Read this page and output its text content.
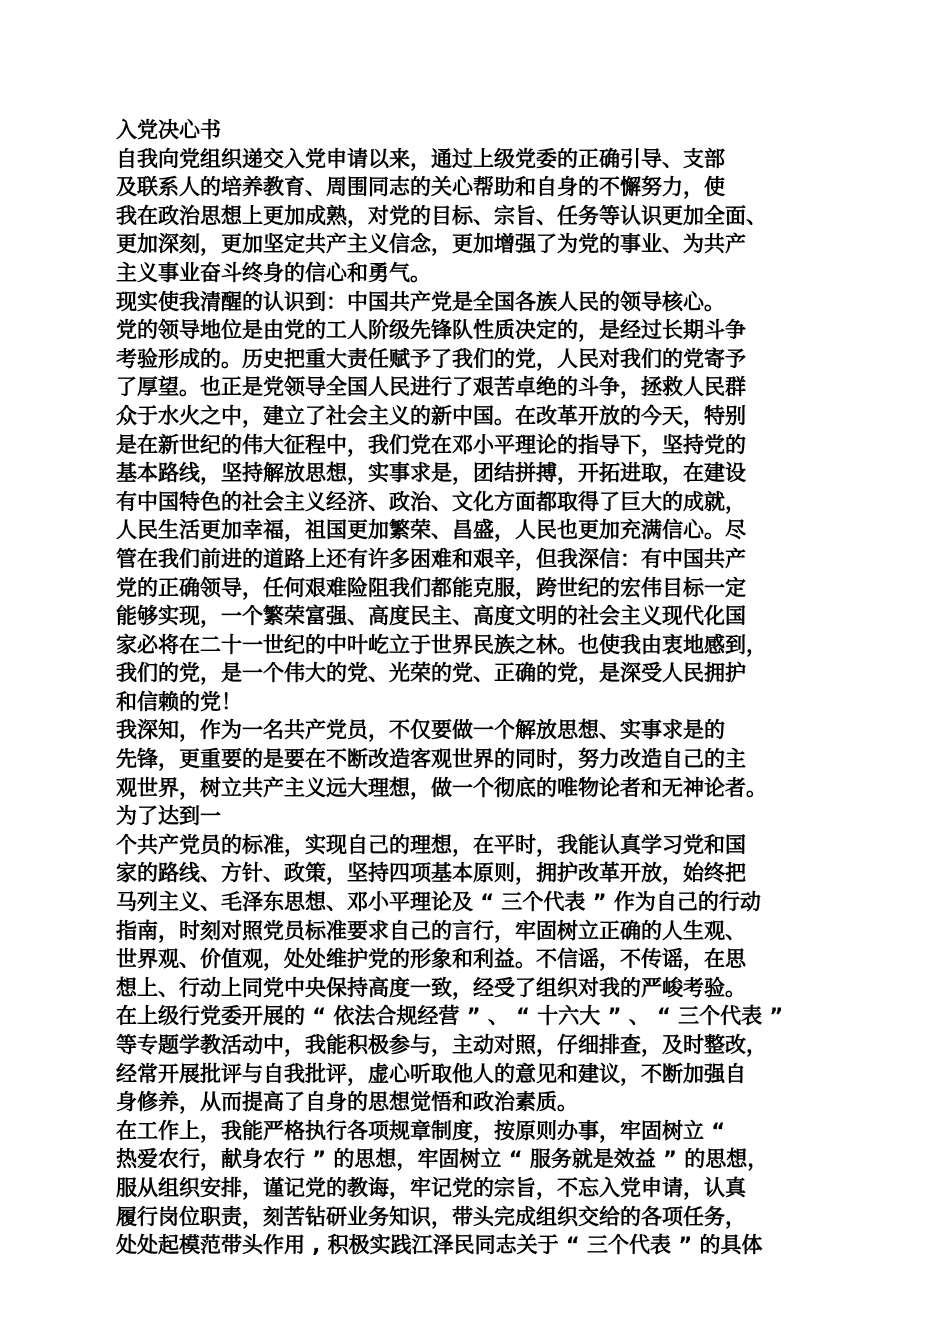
入党决心书
自我向党组织递交入党申请以来，通过上级党委的正确引导、支部
及联系人的培养教育、周围同志的关心帮助和自身的不懈努力，使
我在政治思想上更加成熟，对党的目标、宗旨、任务等认识更加全面、
更加深刻，更加坚定共产主义信念，更加增强了为党的事业、为共产
主义事业奋斗终身的信心和勇气。
现实使我清醒的认识到：中国共产党是全国各族人民的领导核心。
党的领导地位是由党的工人阶级先锋队性质决定的，是经过长期斗争
考验形成的。历史把重大责任赋予了我们的党，人民对我们的党寄予
了厚望。也正是党领导全国人民进行了艰苦卓绝的斗争，拯救人民群
众于水火之中，建立了社会主义的新中国。在改革开放的今天，特别
是在新世纪的伟大征程中，我们党在邓小平理论的指导下，坚持党的
基本路线，坚持解放思想，实事求是，团结拼搏，开拓进取，在建设
有中国特色的社会主义经济、政治、文化方面都取得了巨大的成就，
人民生活更加幸福，祖国更加繁荣、昌盛，人民也更加充满信心。尽
管在我们前进的道路上还有许多困难和艰辛，但我深信：有中国共产
党的正确领导，任何艰难险阻我们都能克服，跨世纪的宏伟目标一定
能够实现，一个繁荣富强、高度民主、高度文明的社会主义现代化国
家必将在二十一世纪的中叶屹立于世界民族之林。也使我由衷地感到，
我们的党，是一个伟大的党、光荣的党、正确的党，是深受人民拥护
和信赖的党！
我深知，作为一名共产党员，不仅要做一个解放思想、实事求是的
先锋，更重要的是要在不断改造客观世界的同时，努力改造自己的主
观世界，树立共产主义远大理想，做一个彻底的唯物论者和无神论者。
为了达到一
个共产党员的标准，实现自己的理想，在平时，我能认真学习党和国
家的路线、方针、政策，坚持四项基本原则，拥护改革开放，始终把
马列主义、毛泽东思想、邓小平理论及 “ 三个代表 ” 作为自己的行动
指南，时刻对照党员标准要求自己的言行，牢固树立正确的人生观、
世界观、价值观，处处维护党的形象和利益。不信谣，不传谣，在思
想上、行动上同党中央保持高度一致，经受了组织对我的严峻考验。
在上级行党委开展的 “ 依法合规经营 ” 、 “ 十六大 ” 、 “ 三个代表 ”
等专题学教活动中，我能积极参与，主动对照，仔细排查，及时整改，
经常开展批评与自我批评，虚心听取他人的意见和建议，不断加强自
身修养，从而提高了自身的思想觉悟和政治素质。
在工作上，我能严格执行各项规章制度，按原则办事，牢固树立 “
热爱农行，献身农行 ” 的思想，牢固树立 “ 服务就是效益 ” 的思想，
服从组织安排，谨记党的教诲，牢记党的宗旨，不忘入党申请，认真
履行岗位职责，刻苦钻研业务知识，带头完成组织交给的各项任务，
处处起模范带头作用 , 积极实践江泽民同志关于 “ 三个代表 ” 的具体
